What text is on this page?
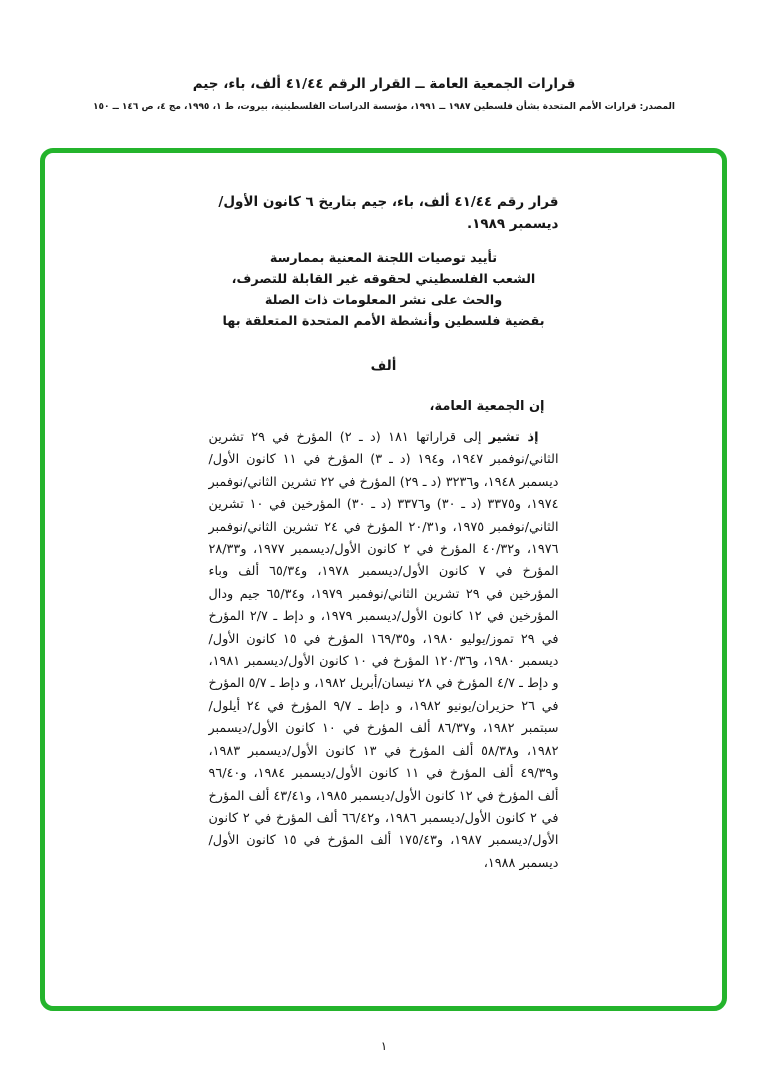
قرارات الجمعية العامة ــ القرار الرقم ٤١/٤٤ ألف، باء، جيم
المصدر: قرارات الأمم المتحدة بشأن فلسطين ١٩٨٧ ــ ١٩٩١، مؤسسة الدراسات الفلسطينية، بيروت، ط ١، ١٩٩٥، مج ٤، ص ١٤٦ ــ ١٥٠

قرار رقم ٤١/٤٤ ألف، باء، جيم بتاريخ ٦ كانون الأول/ديسمبر ١٩٨٩.

تأييد توصيات اللجنة المعنية بممارسة
الشعب الفلسطيني لحقوقه غير القابلة للتصرف،
والحث على نشر المعلومات ذات الصلة
بقضية فلسطين وأنشطة الأمم المتحدة المتعلقة بها
ألف

إن الجمعية العامة،

إذ تشير إلى قراراتها ١٨١ (د ـ ٢) المؤرخ في ٢٩ تشرين الثاني/نوفمبر ١٩٤٧، و١٩٤ (د ـ ٣) المؤرخ في ١١ كانون الأول/ديسمبر ١٩٤٨، و٣٢٣٦ (د ـ ٢٩) المؤرخ في ٢٢ تشرين الثاني/نوفمبر ١٩٧٤، و٣٣٧٥ (د ـ ٣٠) و٣٣٧٦ (د ـ ٣٠) المؤرخين في ١٠ تشرين الثاني/نوفمبر ١٩٧٥، و٢٠/٣١ المؤرخ في ٢٤ تشرين الثاني/نوفمبر ١٩٧٦، و٤٠/٣٢ المؤرخ في ٢ كانون الأول/ديسمبر ١٩٧٧، و٢٨/٣٣ المؤرخ في ٧ كانون الأول/ديسمبر ١٩٧٨، و٦٥/٣٤ ألف وباء المؤرخين في ٢٩ تشرين الثاني/نوفمبر ١٩٧٩، و٦٥/٣٤ جيم ودال المؤرخين في ١٢ كانون الأول/ديسمبر ١٩٧٩، و دإط ـ ٢/٧ المؤرخ في ٢٩ تموز/يوليو ١٩٨٠، و١٦٩/٣٥ المؤرخ في ١٥ كانون الأول/ديسمبر ١٩٨٠، و١٢٠/٣٦ المؤرخ في ١٠ كانون الأول/ديسمبر ١٩٨١، و دإط ـ ٤/٧ المؤرخ في ٢٨ نيسان/أبريل ١٩٨٢، و دإط ـ ٥/٧ المؤرخ في ٢٦ حزيران/يونيو ١٩٨٢، و دإط ـ ٩/٧ المؤرخ في ٢٤ أيلول/سبتمبر ١٩٨٢، و٨٦/٣٧ ألف المؤرخ في ١٠ كانون الأول/ديسمبر ١٩٨٢، و٥٨/٣٨ ألف المؤرخ في ١٣ كانون الأول/ديسمبر ١٩٨٣، و٤٩/٣٩ ألف المؤرخ في ١١ كانون الأول/ديسمبر ١٩٨٤، و٩٦/٤٠ ألف المؤرخ في ١٢ كانون الأول/ديسمبر ١٩٨٥، و٤٣/٤١ ألف المؤرخ في ٢ كانون الأول/ديسمبر ١٩٨٦، و٦٦/٤٢ ألف المؤرخ في ٢ كانون الأول/ديسمبر ١٩٨٧، و١٧٥/٤٣ ألف المؤرخ في ١٥ كانون الأول/ديسمبر ١٩٨٨،

١
